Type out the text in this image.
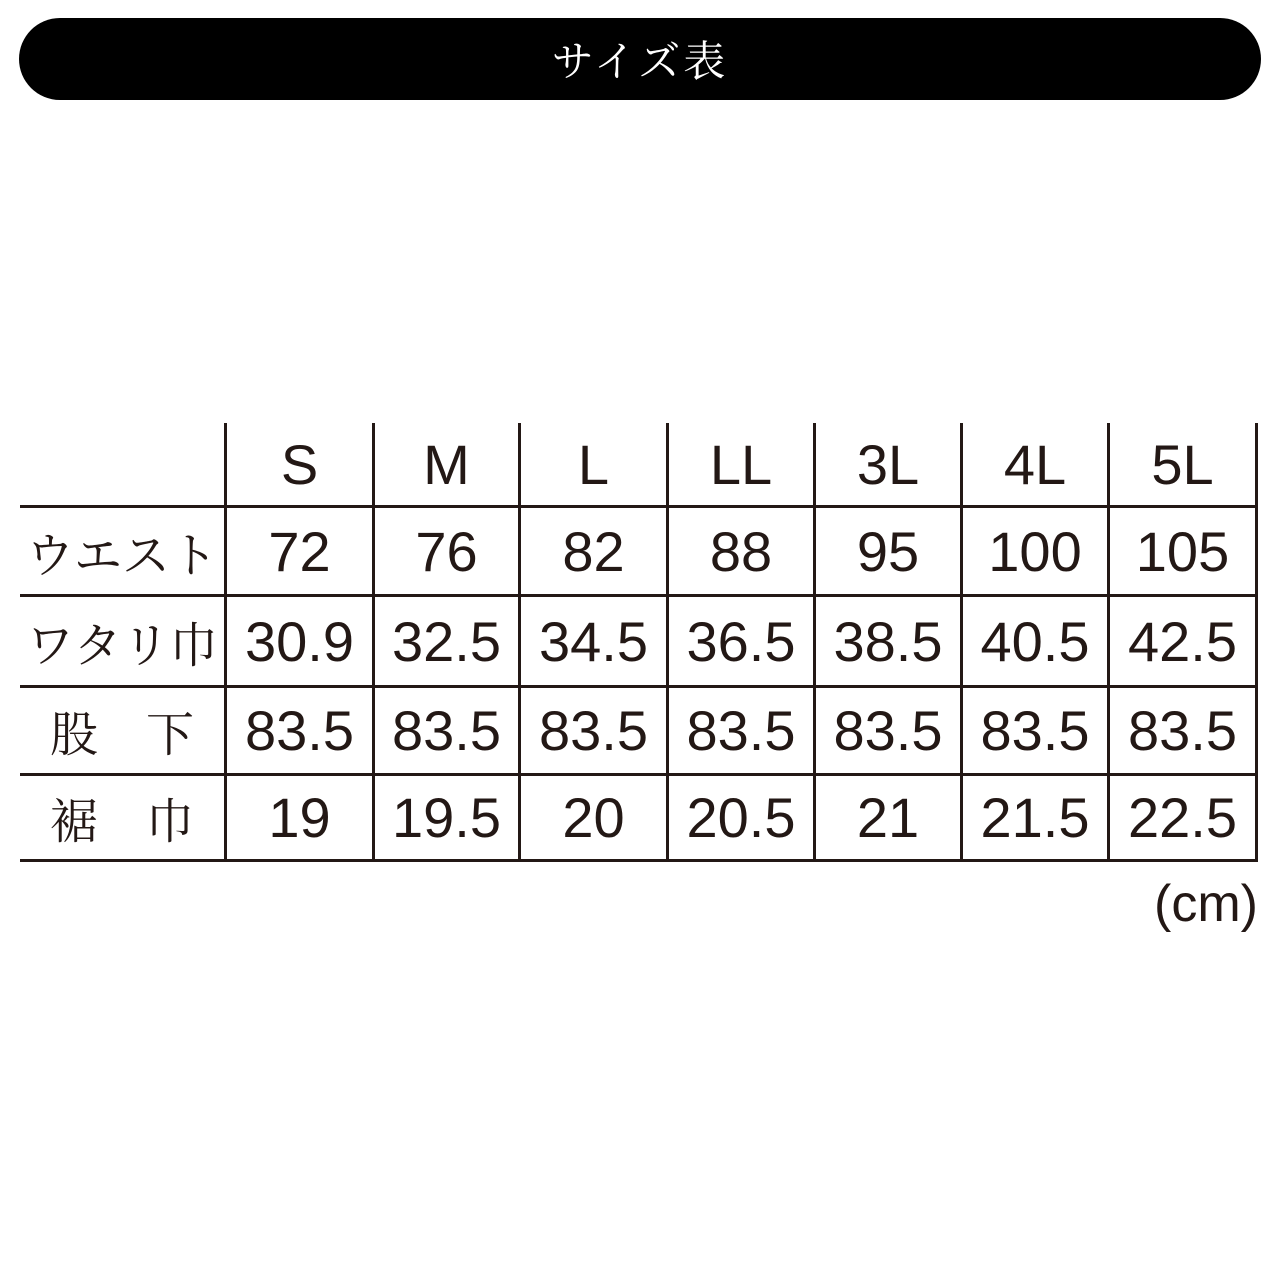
サイズ表
S	M	L	LL	3L	4L	5L
ウエスト 72	76	82	88	95	100 105
ワタリ巾 30.9 32.5 34.5 36.5 38.5 40.5 42.5
股　下 83.5 83.5 83.5 83.5 83.5 83.5 83.5
裾　巾	19	19.5	20	20.5	21	21.5 22.5
(cm)
